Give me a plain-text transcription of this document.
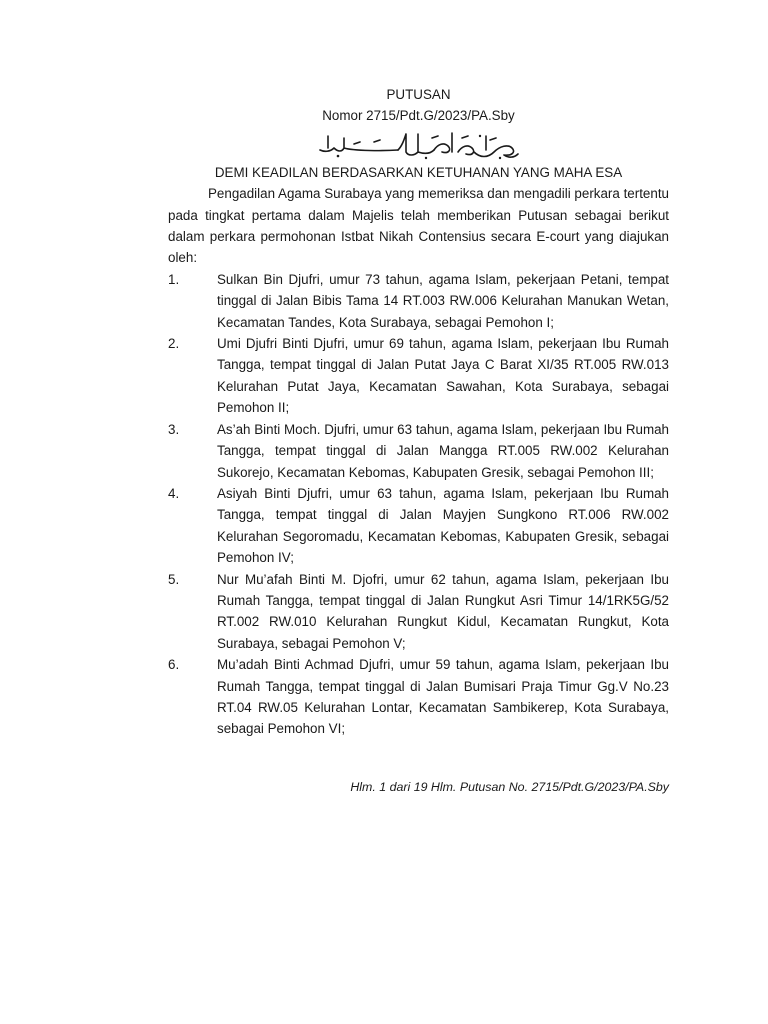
PUTUSAN
Nomor 2715/Pdt.G/2023/PA.Sby
DEMI KEADILAN BERDASARKAN KETUHANAN YANG MAHA ESA
Pengadilan Agama Surabaya yang memeriksa dan mengadili perkara tertentu pada tingkat pertama dalam Majelis telah memberikan Putusan sebagai berikut dalam perkara permohonan Istbat Nikah Contensius secara E-court yang diajukan oleh:
1.	Sulkan Bin Djufri, umur 73 tahun, agama Islam, pekerjaan Petani, tempat tinggal di Jalan Bibis Tama 14 RT.003 RW.006 Kelurahan Manukan Wetan, Kecamatan Tandes, Kota Surabaya, sebagai Pemohon I;
2.	Umi Djufri Binti Djufri, umur 69 tahun, agama Islam, pekerjaan Ibu Rumah Tangga, tempat tinggal di Jalan Putat Jaya C Barat XI/35 RT.005 RW.013 Kelurahan Putat Jaya, Kecamatan Sawahan, Kota Surabaya, sebagai Pemohon II;
3.	As’ah Binti Moch. Djufri, umur 63 tahun, agama Islam, pekerjaan Ibu Rumah Tangga, tempat tinggal di Jalan Mangga RT.005 RW.002 Kelurahan Sukorejo, Kecamatan Kebomas, Kabupaten Gresik, sebagai Pemohon III;
4.	Asiyah Binti Djufri, umur 63 tahun, agama Islam, pekerjaan Ibu Rumah Tangga, tempat tinggal di Jalan Mayjen Sungkono RT.006 RW.002 Kelurahan Segoromadu, Kecamatan Kebomas, Kabupaten Gresik, sebagai Pemohon IV;
5.	Nur Mu’afah Binti M. Djofri, umur 62 tahun, agama Islam, pekerjaan Ibu Rumah Tangga, tempat tinggal di Jalan Rungkut Asri Timur 14/1RK5G/52 RT.002 RW.010 Kelurahan Rungkut Kidul, Kecamatan Rungkut, Kota Surabaya, sebagai Pemohon V;
6.	Mu’adah Binti Achmad Djufri, umur 59 tahun, agama Islam, pekerjaan Ibu Rumah Tangga, tempat tinggal di Jalan Bumisari Praja Timur Gg.V No.23 RT.04 RW.05 Kelurahan Lontar, Kecamatan Sambikerep, Kota Surabaya, sebagai Pemohon VI;
Hlm. 1 dari 19 Hlm. Putusan No. 2715/Pdt.G/2023/PA.Sby
